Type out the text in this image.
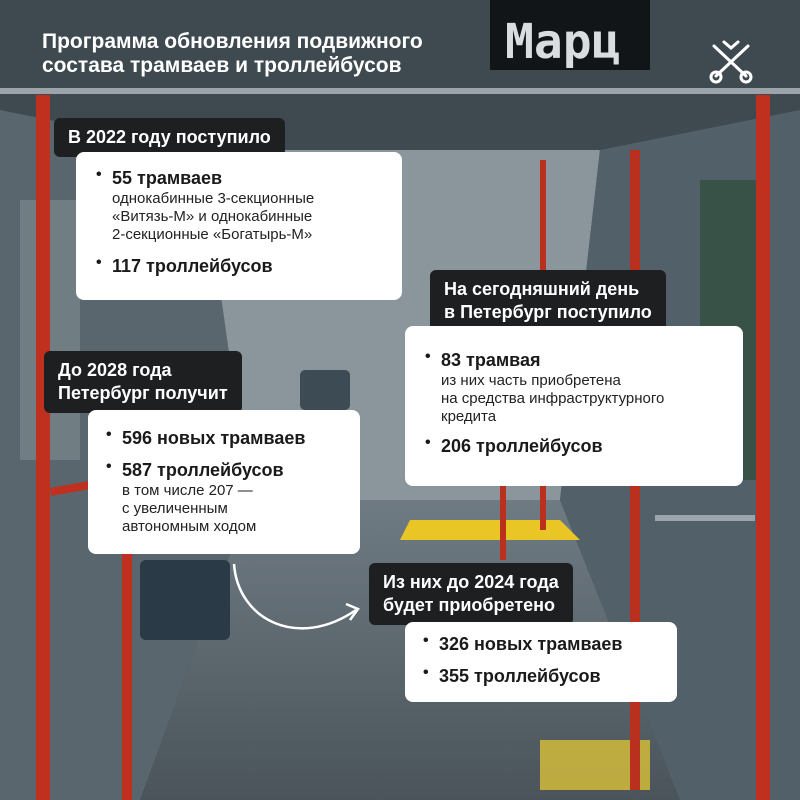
Марц
Программа обновления подвижного
состава трамваев и троллейбусов
В 2022 году поступило
• 55 трамваев
однокабинные 3-секционные
«Витязь-М» и однокабинные
2-секционные «Богатырь-М»
• 117 троллейбусов
На сегодняшний день
в Петербург поступило
• 83 трамвая
из них часть приобретена
на средства инфраструктурного
кредита
• 206 троллейбусов
До 2028 года
Петербург получит
• 596 новых трамваев
• 587 троллейбусов
в том числе 207 —
с увеличенным
автономным ходом
Из них до 2024 года
будет приобретено
• 326 новых трамваев
• 355 троллейбусов
